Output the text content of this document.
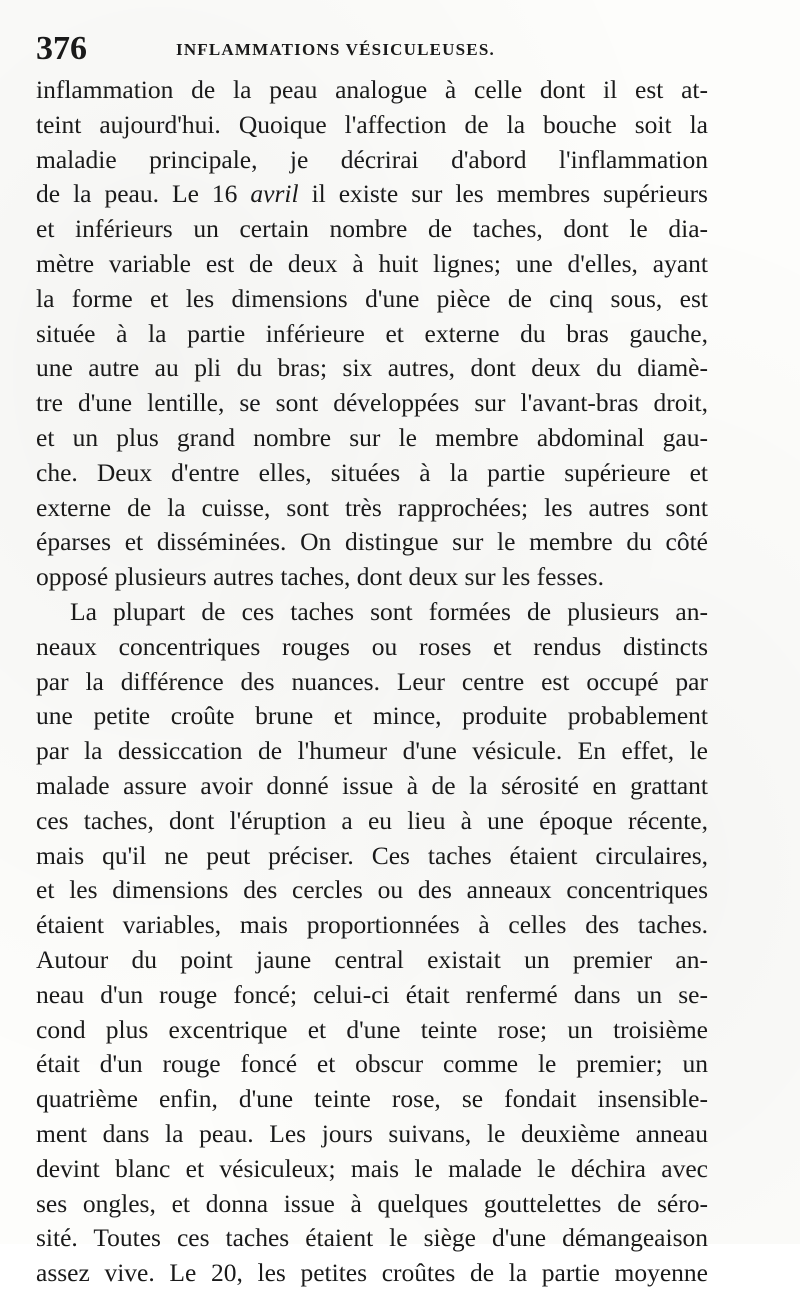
376	INFLAMMATIONS VÉSICULEUSES.
inflammation de la peau analogue à celle dont il est at-
teint aujourd'hui. Quoique l'affection de la bouche soit la
maladie principale, je décrirai d'abord l'inflammation
de la peau. Le 16 avril il existe sur les membres supérieurs
et inférieurs un certain nombre de taches, dont le dia-
mètre variable est de deux à huit lignes; une d'elles, ayant
la forme et les dimensions d'une pièce de cinq sous, est
située à la partie inférieure et externe du bras gauche,
une autre au pli du bras; six autres, dont deux du diamè-
tre d'une lentille, se sont développées sur l'avant-bras droit,
et un plus grand nombre sur le membre abdominal gau-
che. Deux d'entre elles, situées à la partie supérieure et
externe de la cuisse, sont très rapprochées; les autres sont
éparses et disséminées. On distingue sur le membre du côté
opposé plusieurs autres taches, dont deux sur les fesses.
La plupart de ces taches sont formées de plusieurs an-
neaux concentriques rouges ou roses et rendus distincts
par la différence des nuances. Leur centre est occupé par
une petite croûte brune et mince, produite probablement
par la dessiccation de l'humeur d'une vésicule. En effet, le
malade assure avoir donné issue à de la sérosité en grattant
ces taches, dont l'éruption a eu lieu à une époque récente,
mais qu'il ne peut préciser. Ces taches étaient circulaires,
et les dimensions des cercles ou des anneaux concentriques
étaient variables, mais proportionnées à celles des taches.
Autour du point jaune central existait un premier an-
neau d'un rouge foncé; celui-ci était renfermé dans un se-
cond plus excentrique et d'une teinte rose; un troisième
était d'un rouge foncé et obscur comme le premier; un
quatrième enfin, d'une teinte rose, se fondait insensible-
ment dans la peau. Les jours suivans, le deuxième anneau
devint blanc et vésiculeux; mais le malade le déchira avec
ses ongles, et donna issue à quelques gouttelettes de séro-
sité. Toutes ces taches étaient le siège d'une démangeaison
assez vive. Le 20, les petites croûtes de la partie moyenne
